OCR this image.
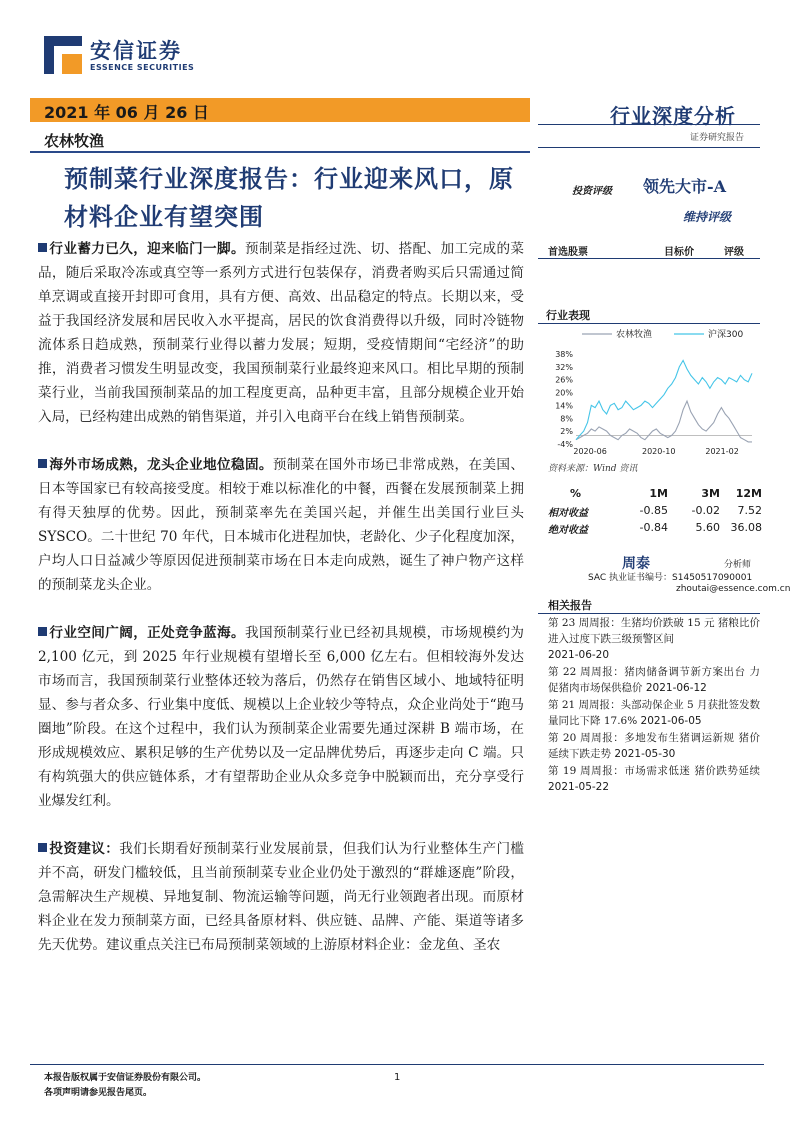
安信证券
ESSENCE SECURITIES
2021 年 06 月 26 日
农林牧渔
行业深度分析
证券研究报告
预制菜行业深度报告：行业迎来风口，原材料企业有望突围
投资评级 领先大市-A
维持评级
首选股票	目标价	评级
行业表现
农林牧渔	沪深300
38%
32%
26%
20%
14%
8%
2%
-4%
2020-06	2020-10	2021-02
资料来源：Wind 资讯
%	1M	3M	12M
相对收益	-0.85	-0.02	7.52
绝对收益	-0.84	5.60 36.08
周泰	分析师
SAC 执业证书编号：S1450517090001
zhoutai@essence.com.cn
相关报告
第 23 周周报：生猪均价跌破 15 元 猪粮比价进入过度下跌三级预警区间
2021-06-20
第 22 周周报：猪肉储备调节新方案出台 力促猪肉市场保供稳价 2021-06-12
第 21 周周报：头部动保企业 5 月获批签发数量同比下降 17.6% 2021-06-05
第 20 周周报：多地发布生猪调运新规 猪价延续下跌走势 2021-05-30
第 19 周周报：市场需求低迷 猪价跌势延续 2021-05-22
行业蓄力已久，迎来临门一脚。预制菜是指经过洗、切、搭配、加工完成的菜品，随后采取冷冻或真空等一系列方式进行包装保存，消费者购买后只需通过简单烹调或直接开封即可食用，具有方便、高效、出品稳定的特点。长期以来，受益于我国经济发展和居民收入水平提高，居民的饮食消费得以升级，同时冷链物流体系日趋成熟，预制菜行业得以蓄力发展；短期，受疫情期间“宅经济”的助推，消费者习惯发生明显改变，我国预制菜行业最终迎来风口。相比早期的预制菜行业，当前我国预制菜品的加工程度更高，品种更丰富，且部分规模企业开始入局，已经构建出成熟的销售渠道，并引入电商平台在线上销售预制菜。
海外市场成熟，龙头企业地位稳固。预制菜在国外市场已非常成熟，在美国、日本等国家已有较高接受度。相较于难以标准化的中餐，西餐在发展预制菜上拥有得天独厚的优势。因此，预制菜率先在美国兴起，并催生出美国行业巨头 SYSCO。二十世纪 70 年代，日本城市化进程加快，老龄化、少子化程度加深，户均人口日益减少等原因促进预制菜市场在日本走向成熟，诞生了神户物产这样的预制菜龙头企业。
行业空间广阔，正处竞争蓝海。我国预制菜行业已经初具规模，市场规模约为 2,100 亿元，到 2025 年行业规模有望增长至 6,000 亿左右。但相较海外发达市场而言，我国预制菜行业整体还较为落后，仍然存在销售区域小、地域特征明显、参与者众多、行业集中度低、规模以上企业较少等特点，众企业尚处于“跑马圈地”阶段。在这个过程中，我们认为预制菜企业需要先通过深耕 B 端市场，在形成规模效应、累积足够的生产优势以及一定品牌优势后，再逐步走向 C 端。只有构筑强大的供应链体系，才有望帮助企业从众多竞争中脱颖而出，充分享受行业爆发红利。
投资建议：我们长期看好预制菜行业发展前景，但我们认为行业整体生产门槛并不高，研发门槛较低，且当前预制菜专业企业仍处于激烈的“群雄逐鹿”阶段，急需解决生产规模、异地复制、物流运输等问题，尚无行业领跑者出现。而原材料企业在发力预制菜方面，已经具备原材料、供应链、品牌、产能、渠道等诸多先天优势。建议重点关注已布局预制菜领域的上游原材料企业：金龙鱼、圣农
本报告版权属于安信证券股份有限公司。
各项声明请参见报告尾页。
1
